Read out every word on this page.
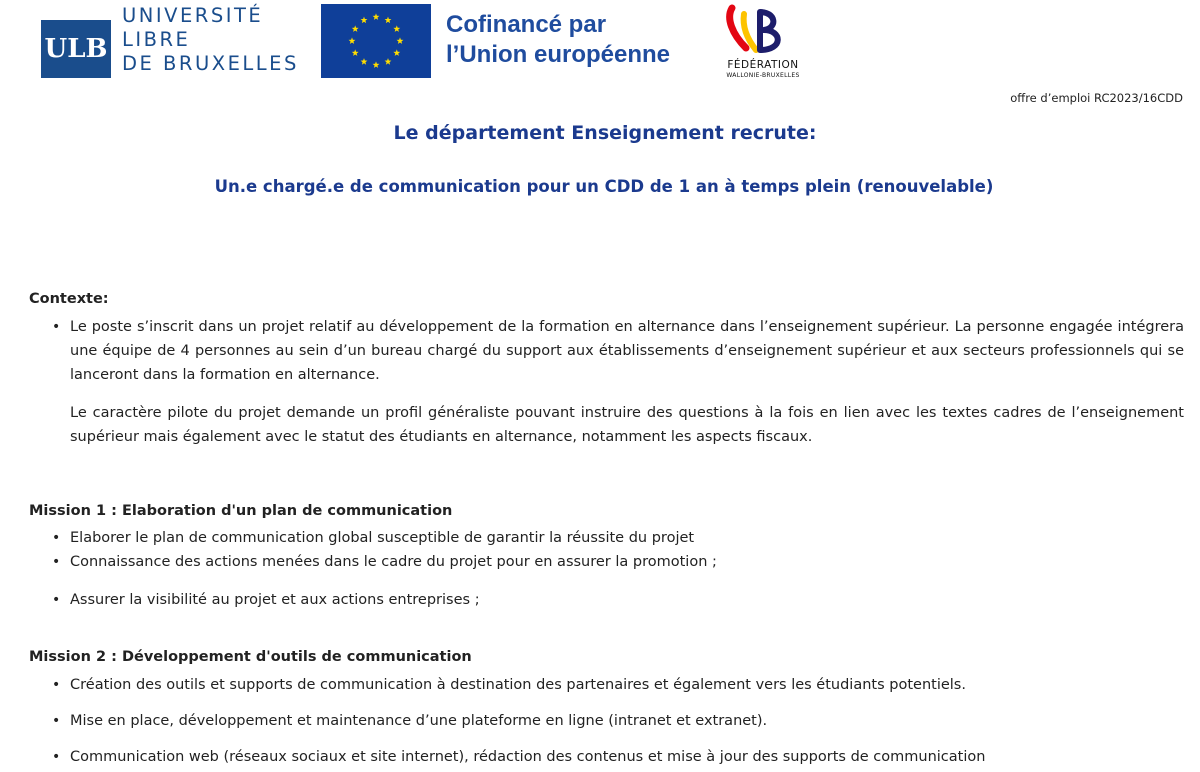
ULB
UNIVERSITÉ
LIBRE
DE BRUXELLES
Cofinancé par
l’Union européenne	FÉDÉRATION
WALLONIE-BRUXELLES
offre d’emploi RC2023/16CDD
Le département Enseignement recrute:
Un.e chargé.e de communication pour un CDD de 1 an à temps plein (renouvelable)
Contexte:
• Le poste s’inscrit dans un projet relatif au développement de la formation en alternance dans l’enseignement supérieur. La personne engagée intégrera une équipe de 4 personnes au sein d’un bureau chargé du support aux établissements d’enseignement supérieur et aux secteurs professionnels qui se lanceront dans la formation en alternance.
Le caractère pilote du projet demande un profil généraliste pouvant instruire des questions à la fois en lien avec les textes cadres de l’enseignement supérieur mais également avec le statut des étudiants en alternance, notamment les aspects fiscaux.
Mission 1 : Elaboration d'un plan de communication
• Elaborer le plan de communication global susceptible de garantir la réussite du projet
• Connaissance des actions menées dans le cadre du projet pour en assurer la promotion ;
• Assurer la visibilité au projet et aux actions entreprises ;
Mission 2 : Développement d'outils de communication
• Création des outils et supports de communication à destination des partenaires et également vers les étudiants potentiels.
• Mise en place, développement et maintenance d’une plateforme en ligne (intranet et extranet).
• Communication web (réseaux sociaux et site internet), rédaction des contenus et mise à jour des supports de communication
